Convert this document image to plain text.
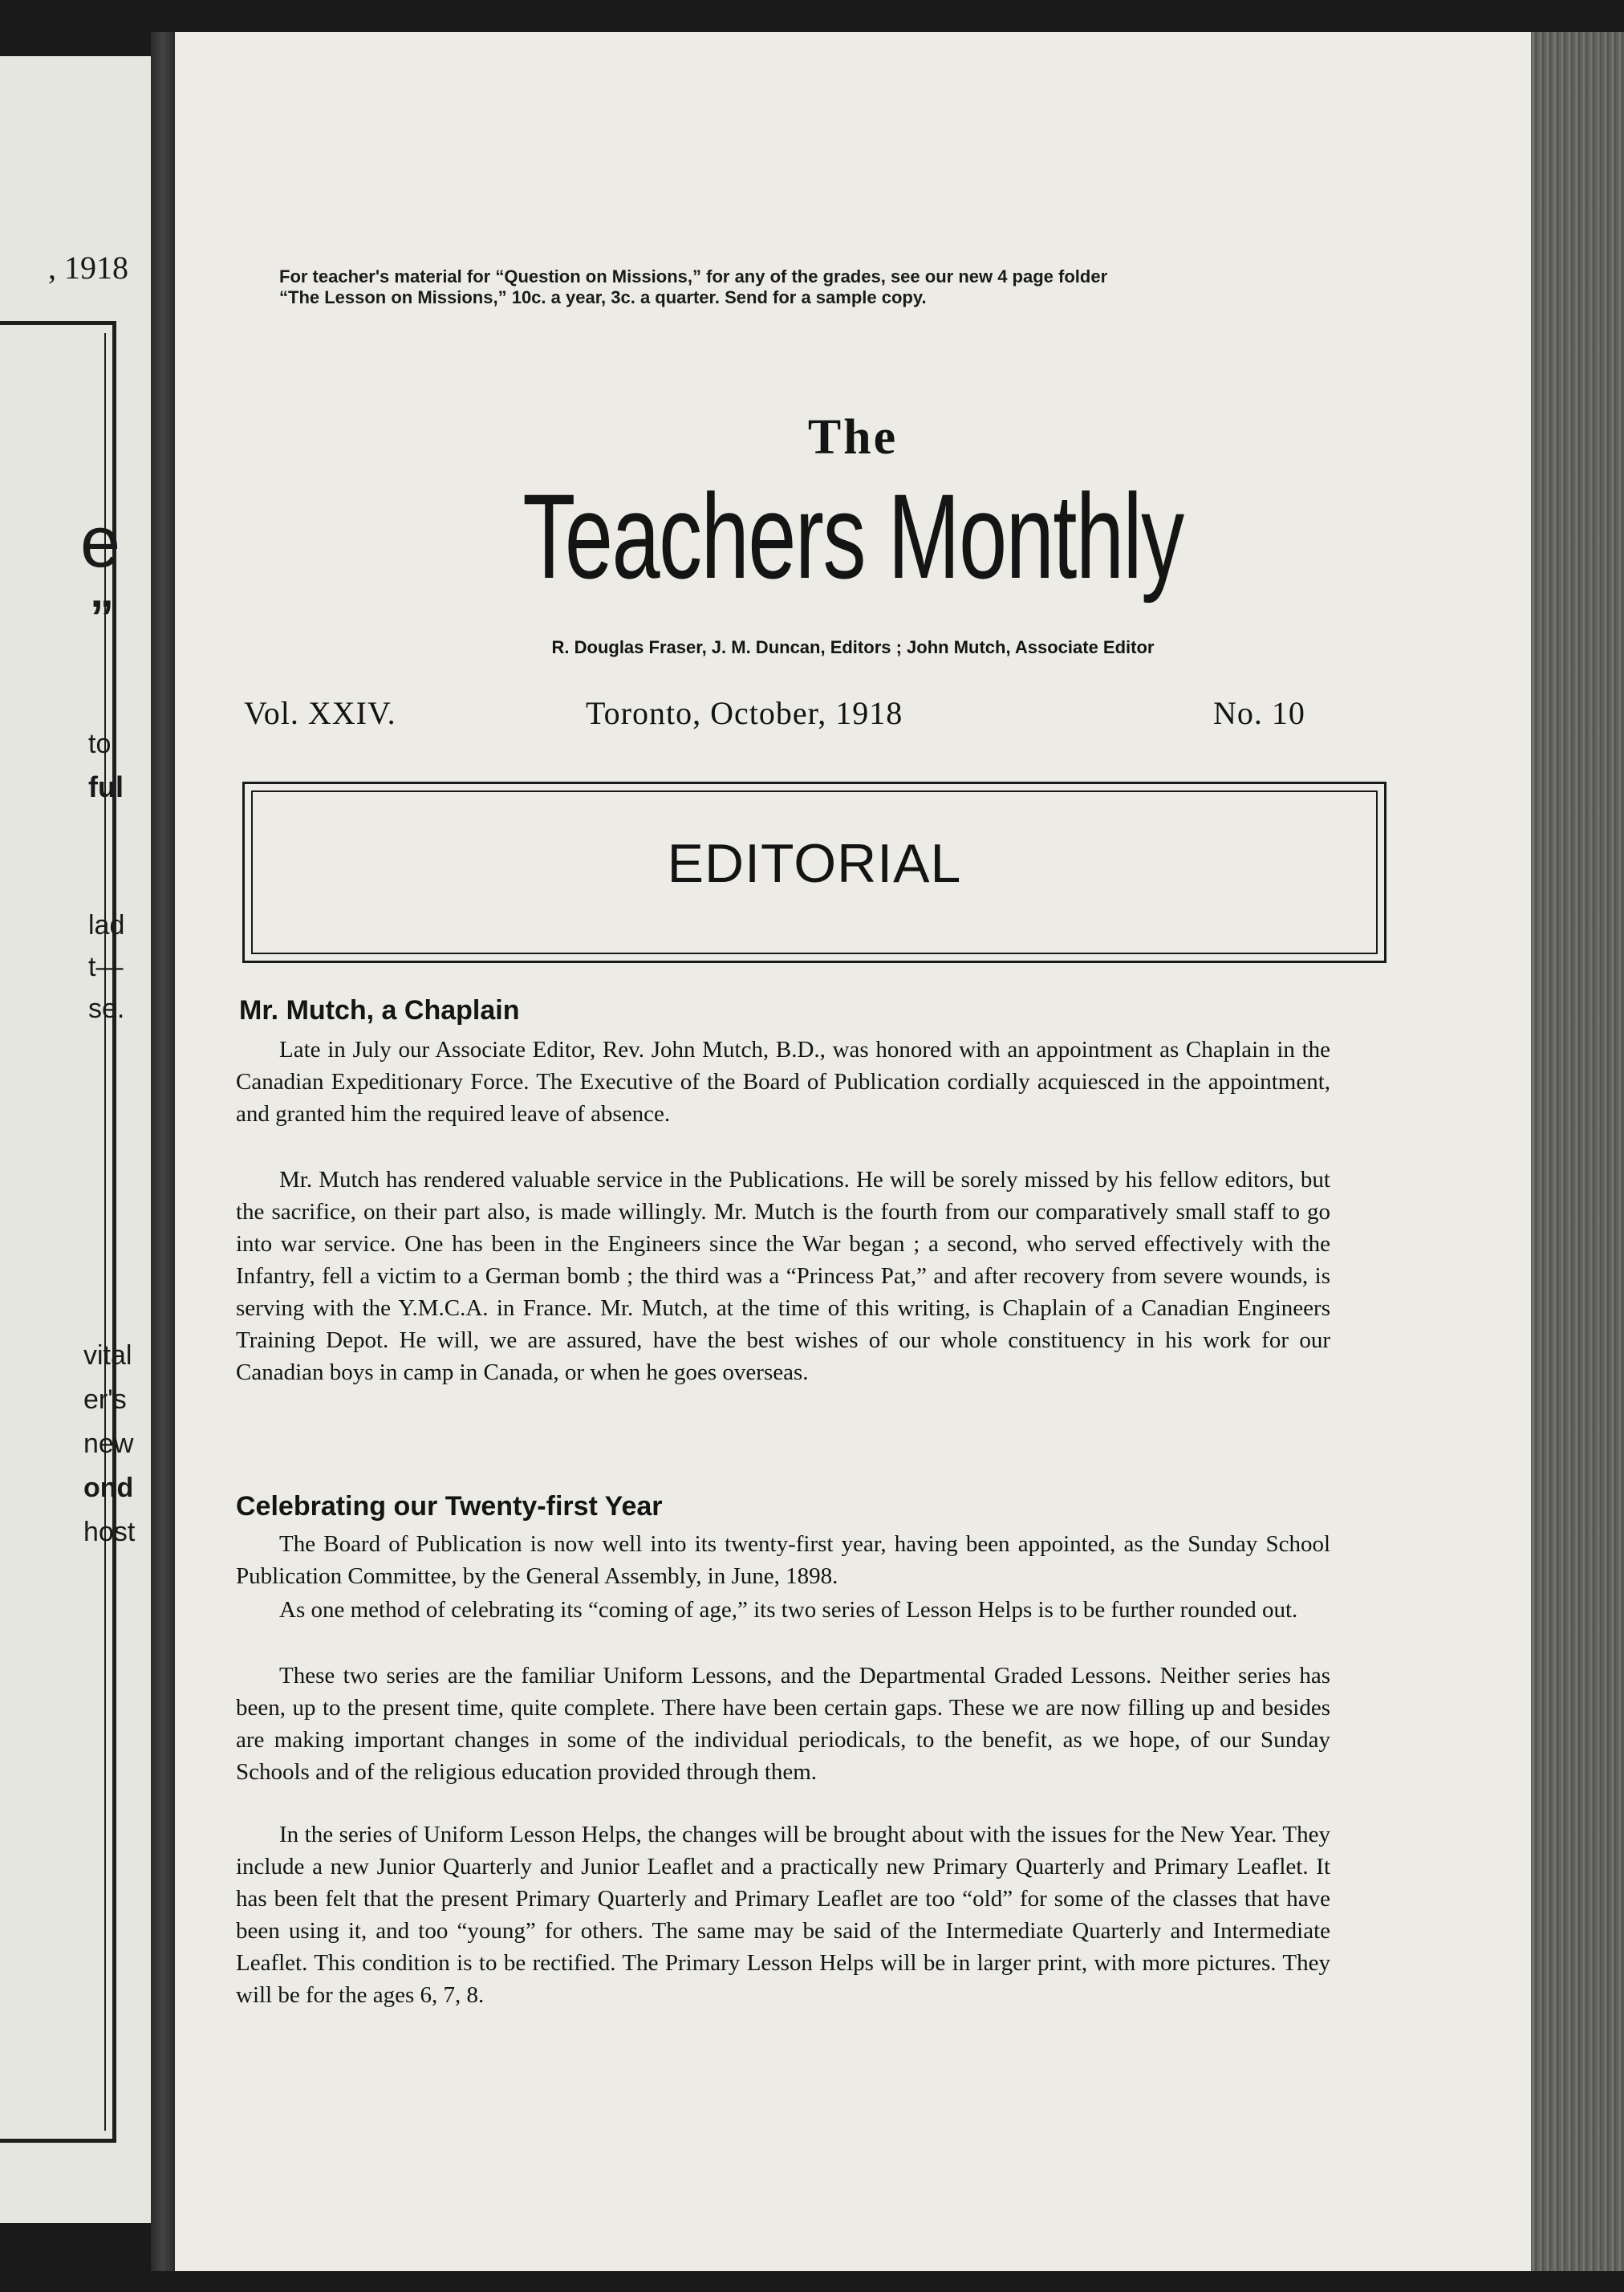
, 1918
e
”
to
ful
lad
t—
se.
vital
er's
new
ond
host
For teacher's material for “Question on Missions,” for any of the grades, see our new 4 page folder
“The Lesson on Missions,” 10c. a year, 3c. a quarter. Send for a sample copy.
The
Teachers Monthly
R. Douglas Fraser, J. M. Duncan, Editors ; John Mutch, Associate Editor
Vol. XXIV.	Toronto, October, 1918	No. 10
EDITORIAL
Mr. Mutch, a Chaplain
Late in July our Associate Editor, Rev. John Mutch, B.D., was honored with an appointment as Chaplain in the Canadian Expeditionary Force. The Executive of the Board of Publication cordially acquiesced in the appointment, and granted him the required leave of absence.
Mr. Mutch has rendered valuable service in the Publications. He will be sorely missed by his fellow editors, but the sacrifice, on their part also, is made willingly. Mr. Mutch is the fourth from our comparatively small staff to go into war service. One has been in the Engineers since the War began ; a second, who served effectively with the Infantry, fell a victim to a German bomb ; the third was a “Princess Pat,” and after recovery from severe wounds, is serving with the Y.M.C.A. in France. Mr. Mutch, at the time of this writing, is Chaplain of a Canadian Engineers Training Depot. He will, we are assured, have the best wishes of our whole constituency in his work for our Canadian boys in camp in Canada, or when he goes overseas.
Celebrating our Twenty-first Year
The Board of Publication is now well into its twenty-first year, having been appointed, as the Sunday School Publication Committee, by the General Assembly, in June, 1898.
As one method of celebrating its “coming of age,” its two series of Lesson Helps is to be further rounded out.
These two series are the familiar Uniform Lessons, and the Departmental Graded Lessons. Neither series has been, up to the present time, quite complete. There have been certain gaps. These we are now filling up and besides are making important changes in some of the individual periodicals, to the benefit, as we hope, of our Sunday Schools and of the religious education provided through them.
In the series of Uniform Lesson Helps, the changes will be brought about with the issues for the New Year. They include a new Junior Quarterly and Junior Leaflet and a practically new Primary Quarterly and Primary Leaflet. It has been felt that the present Primary Quarterly and Primary Leaflet are too “old” for some of the classes that have been using it, and too “young” for others. The same may be said of the Intermediate Quarterly and Intermediate Leaflet. This condition is to be rectified. The Primary Lesson Helps will be in larger print, with more pictures. They will be for the ages 6, 7, 8.
